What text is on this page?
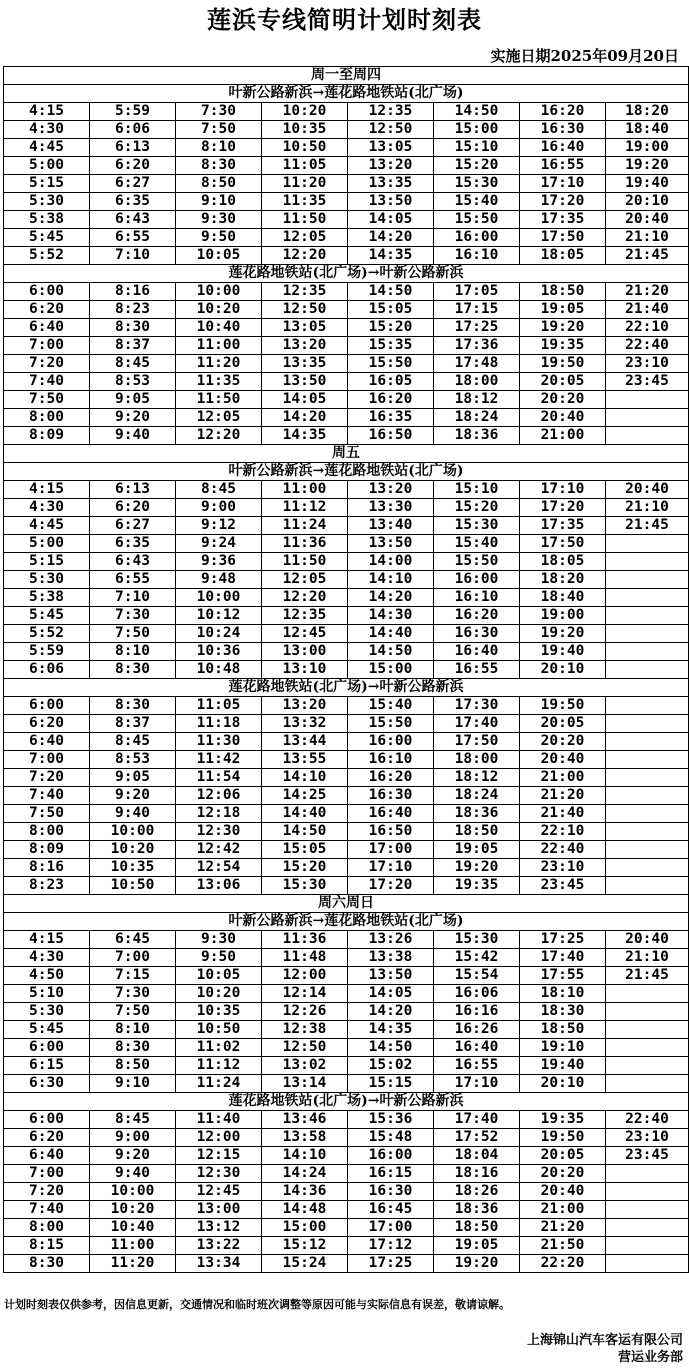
莲浜专线简明计划时刻表
实施日期2025年09月20日
周一至周四							
叶新公路新浜→莲花路地铁站(北广场)							
4:15	5:59	7:30	10:20	12:35	14:50	16:20	18:20
4:30	6:06	7:50	10:35	12:50	15:00	16:30	18:40
4:45	6:13	8:10	10:50	13:05	15:10	16:40	19:00
5:00	6:20	8:30	11:05	13:20	15:20	16:55	19:20
5:15	6:27	8:50	11:20	13:35	15:30	17:10	19:40
5:30	6:35	9:10	11:35	13:50	15:40	17:20	20:10
5:38	6:43	9:30	11:50	14:05	15:50	17:35	20:40
5:45	6:55	9:50	12:05	14:20	16:00	17:50	21:10
5:52	7:10	10:05	12:20	14:35	16:10	18:05	21:45
莲花路地铁站(北广场)→叶新公路新浜							
6:00	8:16	10:00	12:35	14:50	17:05	18:50	21:20
6:20	8:23	10:20	12:50	15:05	17:15	19:05	21:40
6:40	8:30	10:40	13:05	15:20	17:25	19:20	22:10
7:00	8:37	11:00	13:20	15:35	17:36	19:35	22:40
7:20	8:45	11:20	13:35	15:50	17:48	19:50	23:10
7:40	8:53	11:35	13:50	16:05	18:00	20:05	23:45
7:50	9:05	11:50	14:05	16:20	18:12	20:20	
8:00	9:20	12:05	14:20	16:35	18:24	20:40	
8:09	9:40	12:20	14:35	16:50	18:36	21:00	
周五							
叶新公路新浜→莲花路地铁站(北广场)							
4:15	6:13	8:45	11:00	13:20	15:10	17:10	20:40
4:30	6:20	9:00	11:12	13:30	15:20	17:20	21:10
4:45	6:27	9:12	11:24	13:40	15:30	17:35	21:45
5:00	6:35	9:24	11:36	13:50	15:40	17:50	
5:15	6:43	9:36	11:50	14:00	15:50	18:05	
5:30	6:55	9:48	12:05	14:10	16:00	18:20	
5:38	7:10	10:00	12:20	14:20	16:10	18:40	
5:45	7:30	10:12	12:35	14:30	16:20	19:00	
5:52	7:50	10:24	12:45	14:40	16:30	19:20	
5:59	8:10	10:36	13:00	14:50	16:40	19:40	
6:06	8:30	10:48	13:10	15:00	16:55	20:10	
莲花路地铁站(北广场)→叶新公路新浜							
6:00	8:30	11:05	13:20	15:40	17:30	19:50	
6:20	8:37	11:18	13:32	15:50	17:40	20:05	
6:40	8:45	11:30	13:44	16:00	17:50	20:20	
7:00	8:53	11:42	13:55	16:10	18:00	20:40	
7:20	9:05	11:54	14:10	16:20	18:12	21:00	
7:40	9:20	12:06	14:25	16:30	18:24	21:20	
7:50	9:40	12:18	14:40	16:40	18:36	21:40	
8:00	10:00	12:30	14:50	16:50	18:50	22:10	
8:09	10:20	12:42	15:05	17:00	19:05	22:40	
8:16	10:35	12:54	15:20	17:10	19:20	23:10	
8:23	10:50	13:06	15:30	17:20	19:35	23:45	
周六周日							
叶新公路新浜→莲花路地铁站(北广场)							
4:15	6:45	9:30	11:36	13:26	15:30	17:25	20:40
4:30	7:00	9:50	11:48	13:38	15:42	17:40	21:10
4:50	7:15	10:05	12:00	13:50	15:54	17:55	21:45
5:10	7:30	10:20	12:14	14:05	16:06	18:10	
5:30	7:50	10:35	12:26	14:20	16:16	18:30	
5:45	8:10	10:50	12:38	14:35	16:26	18:50	
6:00	8:30	11:02	12:50	14:50	16:40	19:10	
6:15	8:50	11:12	13:02	15:02	16:55	19:40	
6:30	9:10	11:24	13:14	15:15	17:10	20:10	
莲花路地铁站(北广场)→叶新公路新浜							
6:00	8:45	11:40	13:46	15:36	17:40	19:35	22:40
6:20	9:00	12:00	13:58	15:48	17:52	19:50	23:10
6:40	9:20	12:15	14:10	16:00	18:04	20:05	23:45
7:00	9:40	12:30	14:24	16:15	18:16	20:20	
7:20	10:00	12:45	14:36	16:30	18:26	20:40	
7:40	10:20	13:00	14:48	16:45	18:36	21:00	
8:00	10:40	13:12	15:00	17:00	18:50	21:20	
8:15	11:00	13:22	15:12	17:12	19:05	21:50	
8:30	11:20	13:34	15:24	17:25	19:20	22:20	
计划时刻表仅供参考，因信息更新，交通情况和临时班次调整等原因可能与实际信息有误差，敬请谅解。
上海锦山汽车客运有限公司
营运业务部
